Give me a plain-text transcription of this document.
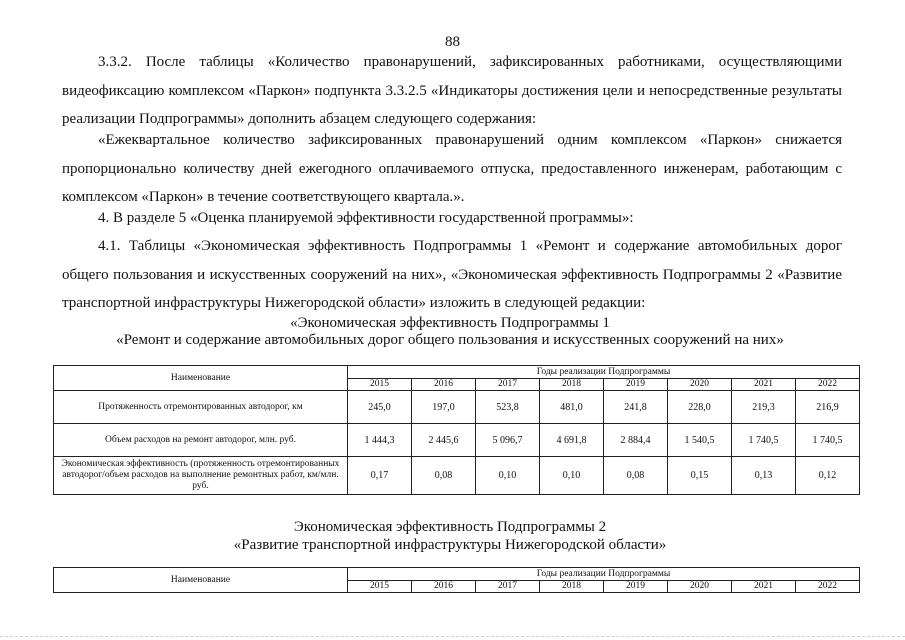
88
3.3.2. После таблицы «Количество правонарушений, зафиксированных работниками, осуществляющими видеофиксацию комплексом «Паркон» подпункта 3.3.2.5 «Индикаторы достижения цели и непосредственные результаты реализации Подпрограммы» дополнить абзацем следующего содержания:
«Ежеквартальное количество зафиксированных правонарушений одним комплексом «Паркон» снижается пропорционально количеству дней ежегодного оплачиваемого отпуска, предоставленного инженерам, работающим с комплексом «Паркон» в течение соответствующего квартала.».
4. В разделе 5 «Оценка планируемой эффективности государственной программы»:
4.1. Таблицы «Экономическая эффективность Подпрограммы 1 «Ремонт и содержание автомобильных дорог общего пользования и искусственных сооружений на них», «Экономическая эффективность Подпрограммы 2 «Развитие транспортной инфраструктуры Нижегородской области» изложить в следующей редакции:
«Экономическая эффективность Подпрограммы 1
«Ремонт и содержание автомобильных дорог общего пользования и искусственных сооружений на них»
Наименование	Годы реализации Подпрограммы							
	2015	2016	2017	2018	2019	2020	2021	2022
Протяженность отремонтированных автодорог, км	245,0	197,0	523,8	481,0	241,8	228,0	219,3	216,9
Объем расходов на ремонт автодорог, млн. руб.	1 444,3	2 445,6	5 096,7	4 691,8	2 884,4	1 540,5	1 740,5	1 740,5
Экономическая эффективность (протяженность отремонтированных автодорог/объем расходов на выполнение ремонтных работ, км/млн. руб.	0,17	0,08	0,10	0,10	0,08	0,15	0,13	0,12
Экономическая эффективность Подпрограммы 2
«Развитие транспортной инфраструктуры Нижегородской области»
Наименование	Годы реализации Подпрограммы							
	2015	2016	2017	2018	2019	2020	2021	2022
